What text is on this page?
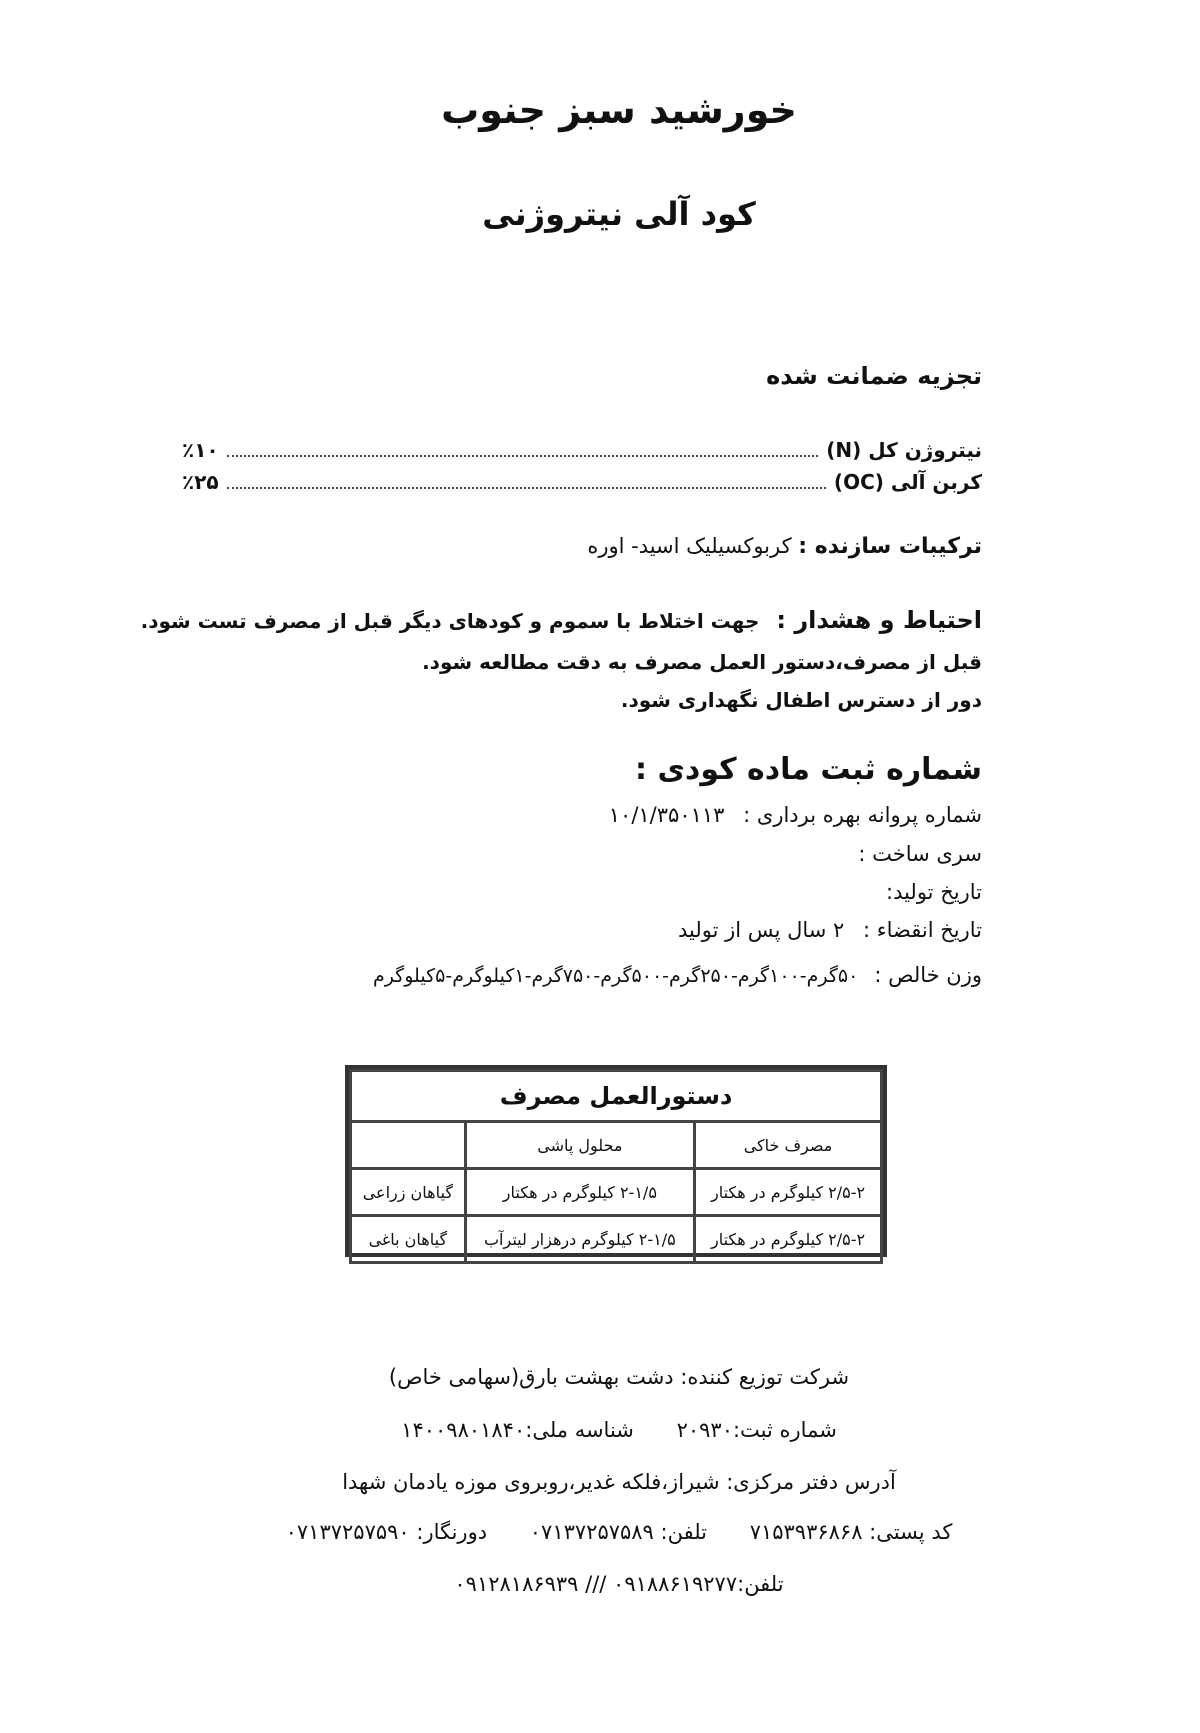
خورشید سبز جنوب
کود آلی نیتروژنی
تجزیه ضمانت شده
نیتروژن کل (N)
٪۱۰
کربن آلی (OC)
٪۲۵
ترکیبات سازنده : کربوکسیلیک اسید- اوره
احتیاط و هشدار : جهت اختلاط با سموم و کودهای دیگر قبل از مصرف تست شود.
قبل از مصرف،دستور العمل مصرف به دقت مطالعه شود.
دور از دسترس اطفال نگهداری شود.
شماره ثبت ماده کودی :
شماره پروانه بهره برداری : ۱۰/۱/۳۵۰۱۱۳
سری ساخت :
تاریخ تولید:
تاریخ انقضاء : ۲ سال پس از تولید
وزن خالص : ۵۰گرم-۱۰۰گرم-۲۵۰گرم-۵۰۰گرم-۷۵۰گرم-۱کیلوگرم-۵کیلوگرم
دستورالعمل مصرف		
مصرف خاکی	محلول پاشی	
۲/۵-۲ کیلوگرم در هکتار	۲-۱/۵ کیلوگرم در هکتار	گیاهان زراعی
۲/۵-۲ کیلوگرم در هکتار	۲-۱/۵ کیلوگرم درهزار لیترآب	گیاهان باغی
شرکت توزیع کننده: دشت بهشت بارق(سهامی خاص)
شماره ثبت:۲۰۹۳۰ شناسه ملی:۱۴۰۰۹۸۰۱۸۴۰
آدرس دفتر مرکزی: شیراز،فلکه غدیر،روبروی موزه یادمان شهدا
کد پستی: ۷۱۵۳۹۳۶۸۶۸ تلفن: ۰۷۱۳۷۲۵۷۵۸۹ دورنگار: ۰۷۱۳۷۲۵۷۵۹۰
تلفن:۰۹۱۸۸۶۱۹۲۷۷ /// ۰۹۱۲۸۱۸۶۹۳۹
